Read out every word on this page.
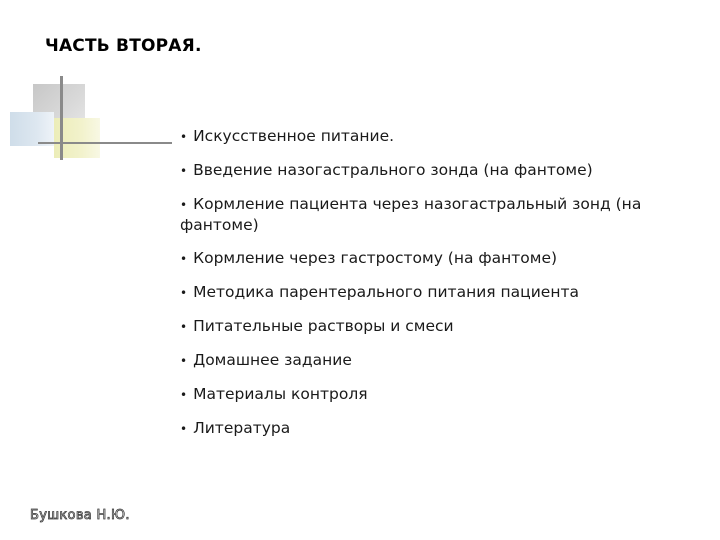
ЧАСТЬ ВТОРАЯ.
• Искусственное питание.
• Введение назогастрального зонда (на фантоме)
• Кормление пациента через назогастральный зонд (на фантоме)
• Кормление через гастростому (на фантоме)
• Методика парентерального питания пациента
• Питательные растворы и смеси
• Домашнее задание
• Материалы контроля
• Литература
Бушкова Н.Ю.
